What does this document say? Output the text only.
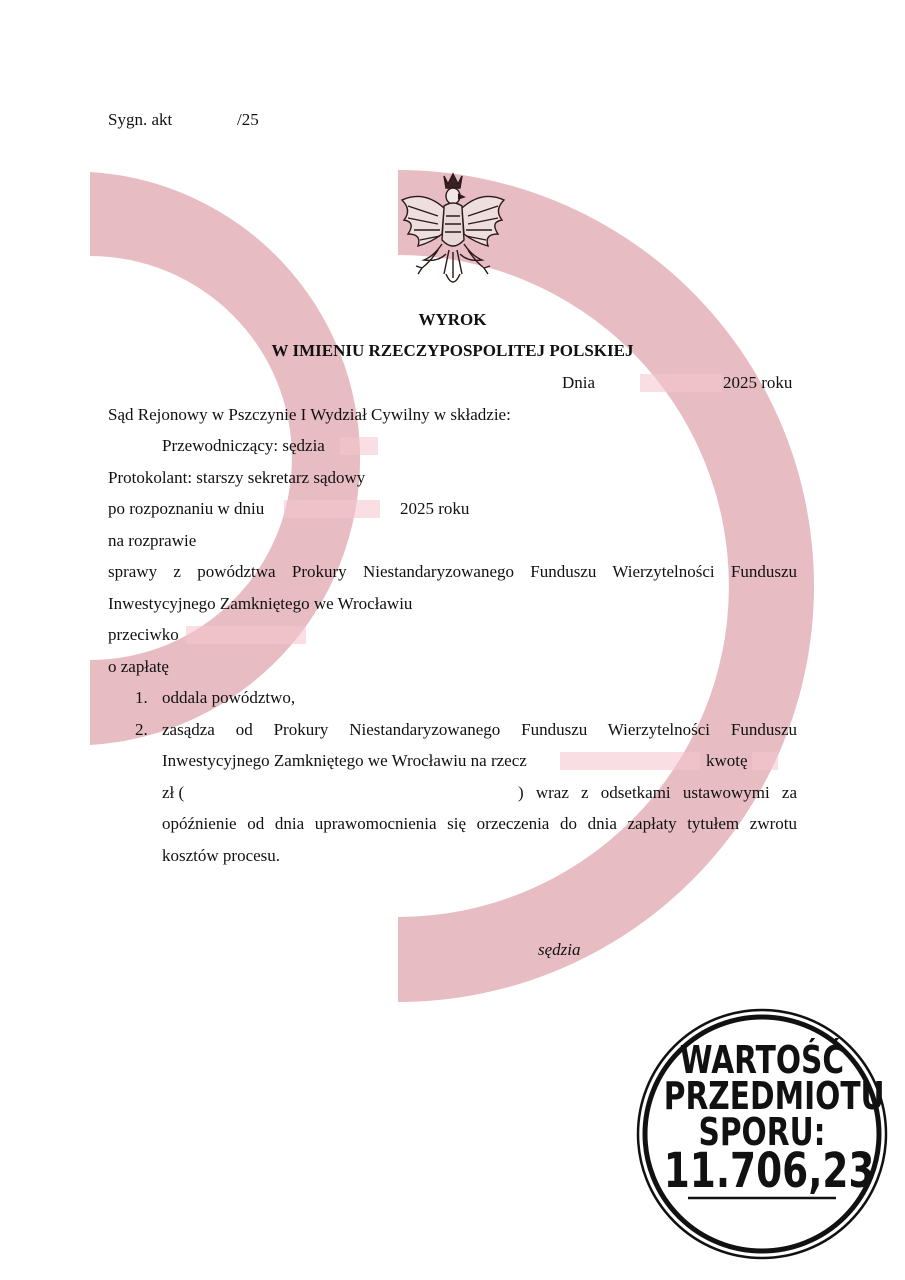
Sygn. akt	/25
WYROK
W IMIENIU RZECZYPOSPOLITEJ POLSKIEJ
Dnia	2025 roku
Sąd Rejonowy w Pszczynie I Wydział Cywilny w składzie:
Przewodniczący: sędzia
Protokolant: starszy sekretarz sądowy
po rozpoznaniu w dniu	2025 roku
na rozprawie
sprawy z powództwa Prokury Niestandaryzowanego Funduszu Wierzytelności Funduszu
Inwestycyjnego Zamkniętego we Wrocławiu
przeciwko
o zapłatę
1. oddala powództwo,
2. zasądza od Prokury Niestandaryzowanego Funduszu Wierzytelności Funduszu
Inwestycyjnego Zamkniętego we Wrocławiu na rzecz	kwotę
zł (	) wraz z odsetkami ustawowymi za
opóźnienie od dnia uprawomocnienia się orzeczenia do dnia zapłaty tytułem zwrotu
kosztów procesu.
sędzia
WARTOŚĆ
PRZEDMIOTU
SPORU:
11.706,23
